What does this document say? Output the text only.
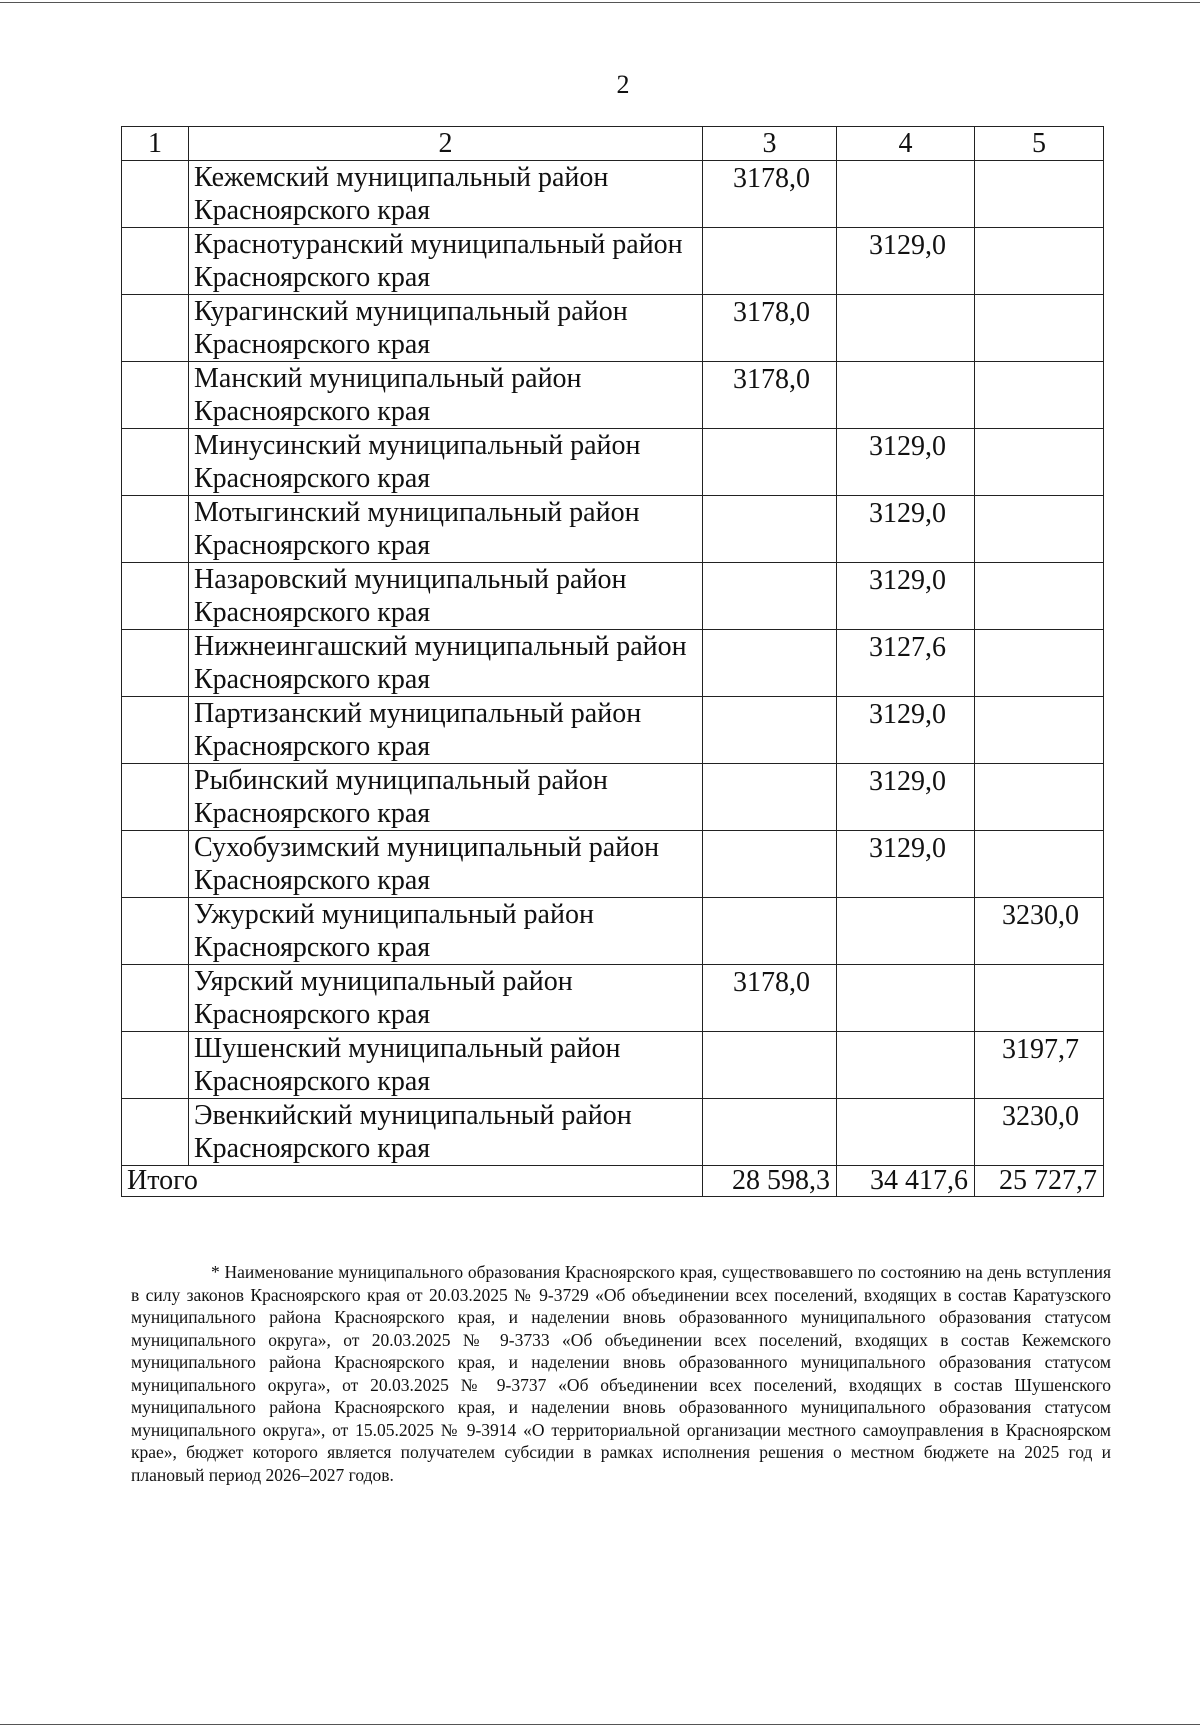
2
1	2	3	4	5
	Кежемский муниципальный район Красноярского края	3178,0		
	Краснотуранский муниципальный район Красноярского края		3129,0	
	Курагинский муниципальный район Красноярского края	3178,0		
	Манский муниципальный район Красноярского края	3178,0		
	Минусинский муниципальный район Красноярского края		3129,0	
	Мотыгинский муниципальный район Красноярского края		3129,0	
	Назаровский муниципальный район Красноярского края		3129,0	
	Нижнеингашский муниципальный район Красноярского края		3127,6	
	Партизанский муниципальный район Красноярского края		3129,0	
	Рыбинский муниципальный район Красноярского края		3129,0	
	Сухобузимский муниципальный район Красноярского края		3129,0	
	Ужурский муниципальный район Красноярского края			3230,0
	Уярский муниципальный район Красноярского края	3178,0		
	Шушенский муниципальный район Красноярского края			3197,7
	Эвенкийский муниципальный район Красноярского края			3230,0
Итого		28 598,3	34 417,6	25 727,7
* Наименование муниципального образования Красноярского края, существовавшего по состоянию на день вступления в силу законов Красноярского края от 20.03.2025 № 9-3729 «Об объединении всех поселений, входящих в состав Каратузского муниципального района Красноярского края, и наделении вновь образованного муниципального образования статусом муниципального округа», от 20.03.2025 № 9-3733 «Об объединении всех поселений, входящих в состав Кежемского муниципального района Красноярского края, и наделении вновь образованного муниципального образования статусом муниципального округа», от 20.03.2025 № 9-3737 «Об объединении всех поселений, входящих в состав Шушенского муниципального района Красноярского края, и наделении вновь образованного муниципального образования статусом муниципального округа», от 15.05.2025 № 9-3914 «О территориальной организации местного самоуправления в Красноярском крае», бюджет которого является получателем субсидии в рамках исполнения решения о местном бюджете на 2025 год и плановый период 2026–2027 годов.
